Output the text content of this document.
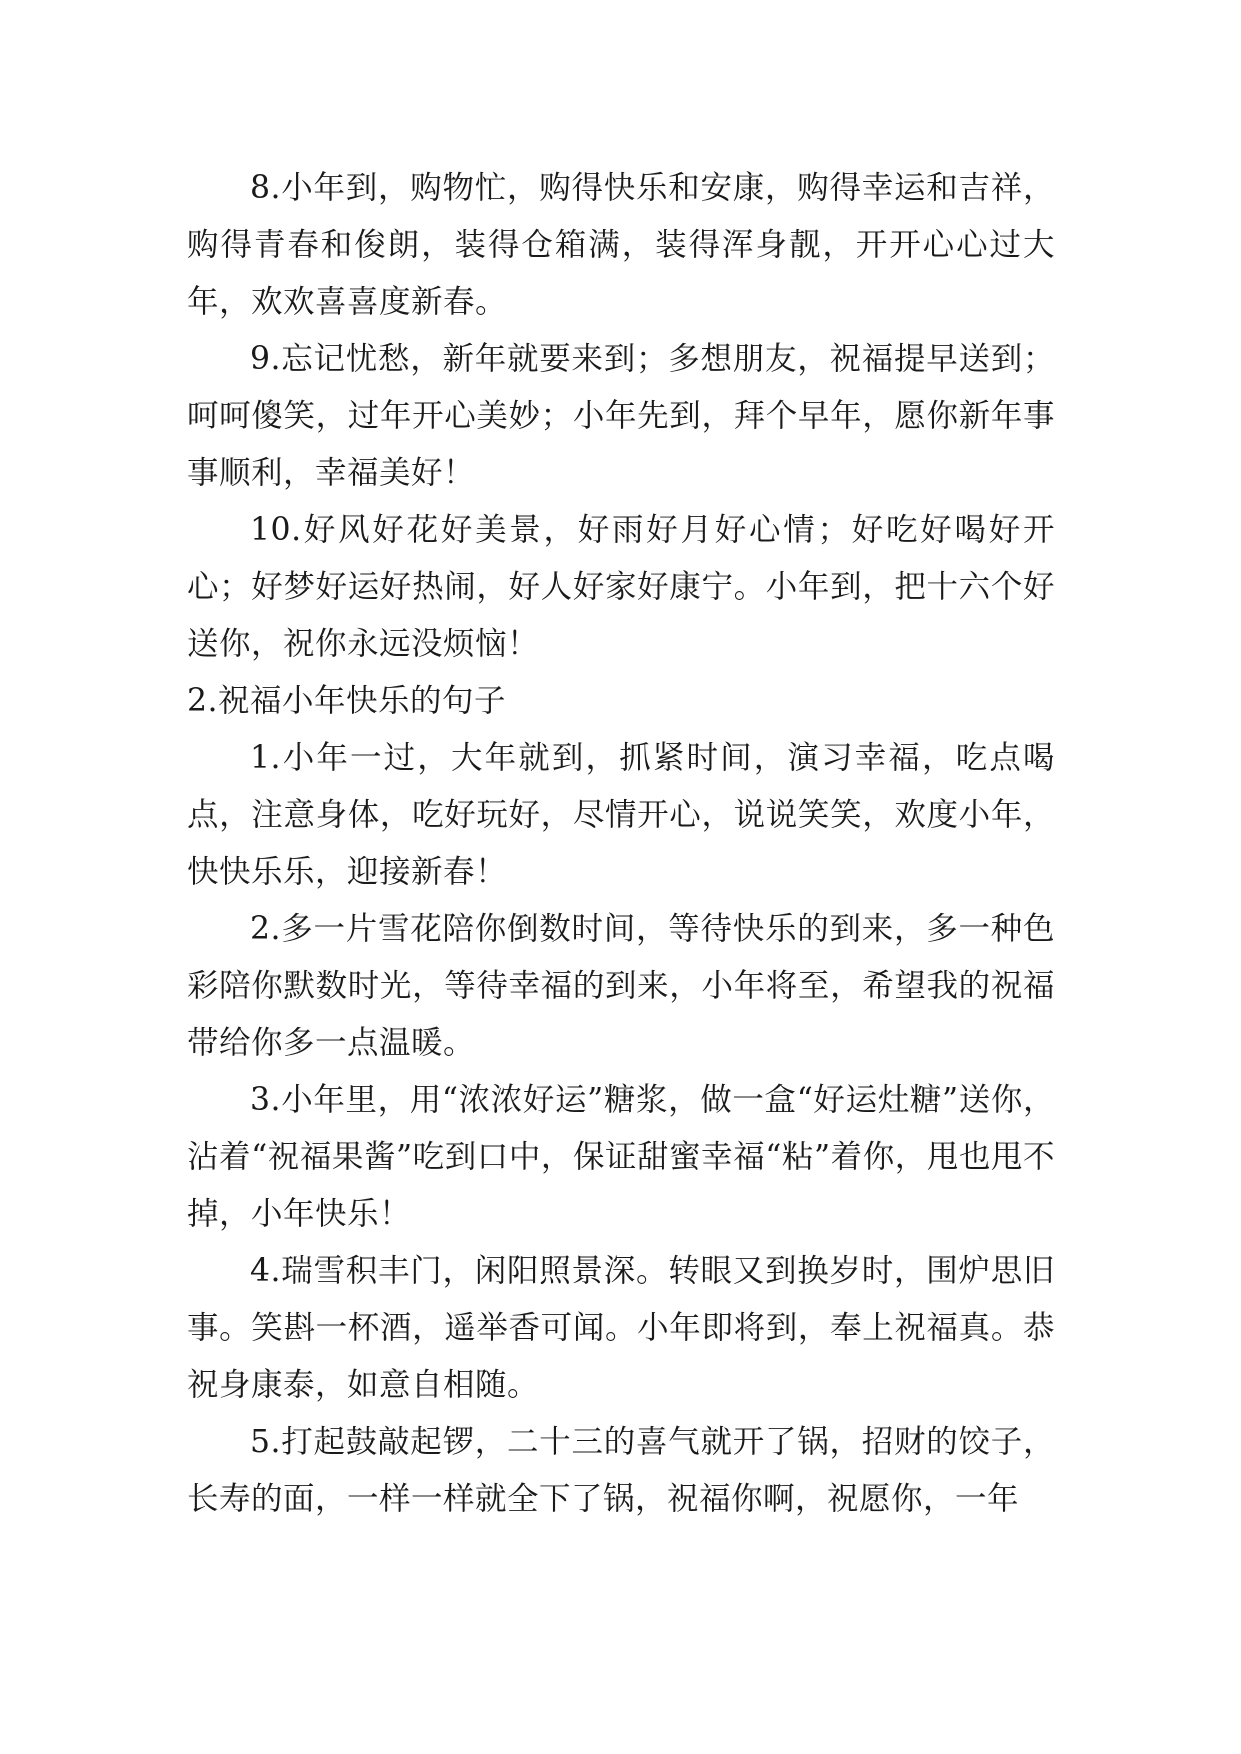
8.小年到，购物忙，购得快乐和安康，购得幸运和吉祥，购得青春和俊朗，装得仓箱满，装得浑身靓，开开心心过大年，欢欢喜喜度新春。

9.忘记忧愁，新年就要来到；多想朋友，祝福提早送到；呵呵傻笑，过年开心美妙；小年先到，拜个早年，愿你新年事事顺利，幸福美好！

10.好风好花好美景，好雨好月好心情；好吃好喝好开心；好梦好运好热闹，好人好家好康宁。小年到，把十六个好送你，祝你永远没烦恼！

2.祝福小年快乐的句子

1.小年一过，大年就到，抓紧时间，演习幸福，吃点喝点，注意身体，吃好玩好，尽情开心，说说笑笑，欢度小年，快快乐乐，迎接新春！

2.多一片雪花陪你倒数时间，等待快乐的到来，多一种色彩陪你默数时光，等待幸福的到来，小年将至，希望我的祝福带给你多一点温暖。

3.小年里，用“浓浓好运”糖浆，做一盒“好运灶糖”送你，沾着“祝福果酱”吃到口中，保证甜蜜幸福“粘”着你，甩也甩不掉，小年快乐！

4.瑞雪积丰门，闲阳照景深。转眼又到换岁时，围炉思旧事。笑斟一杯酒，遥举香可闻。小年即将到，奉上祝福真。恭祝身康泰，如意自相随。

5.打起鼓敲起锣，二十三的喜气就开了锅，招财的饺子，长寿的面，一样一样就全下了锅，祝福你啊，祝愿你，一年
